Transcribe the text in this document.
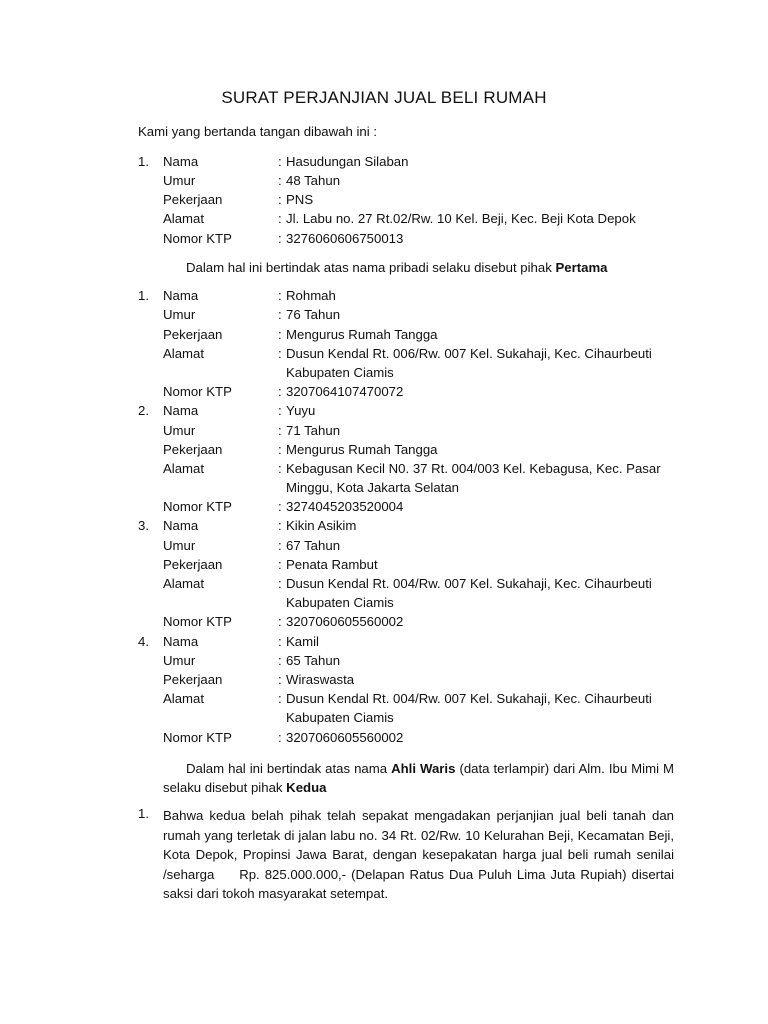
SURAT PERJANJIAN JUAL BELI RUMAH
Kami yang bertanda tangan dibawah ini :
1. Nama	: Hasudungan Silaban
Umur	: 48 Tahun
Pekerjaan	: PNS
Alamat	: Jl. Labu no. 27 Rt.02/Rw. 10 Kel. Beji, Kec. Beji Kota Depok
Nomor KTP	: 3276060606750013
Dalam hal ini bertindak atas nama pribadi selaku disebut pihak Pertama
1. Nama	: Rohmah
Umur	: 76 Tahun
Pekerjaan	: Mengurus Rumah Tangga
Alamat	: Dusun Kendal Rt. 006/Rw. 007 Kel. Sukahaji, Kec. Cihaurbeuti
Kabupaten Ciamis
Nomor KTP	: 3207064107470072
2. Nama	: Yuyu
Umur	: 71 Tahun
Pekerjaan	: Mengurus Rumah Tangga
Alamat	: Kebagusan Kecil N0. 37 Rt. 004/003 Kel. Kebagusa, Kec. Pasar
Minggu, Kota Jakarta Selatan
Nomor KTP	: 3274045203520004
3. Nama	: Kikin Asikim
Umur	: 67 Tahun
Pekerjaan	: Penata Rambut
Alamat	: Dusun Kendal Rt. 004/Rw. 007 Kel. Sukahaji, Kec. Cihaurbeuti
Kabupaten Ciamis
Nomor KTP	: 3207060605560002
4. Nama	: Kamil
Umur	: 65 Tahun
Pekerjaan	: Wiraswasta
Alamat	: Dusun Kendal Rt. 004/Rw. 007 Kel. Sukahaji, Kec. Cihaurbeuti
Kabupaten Ciamis
Nomor KTP	: 3207060605560002
Dalam hal ini bertindak atas nama Ahli Waris (data terlampir) dari Alm. Ibu Mimi M selaku disebut pihak Kedua
1. Bahwa kedua belah pihak telah sepakat mengadakan perjanjian jual beli tanah dan rumah yang terletak di jalan labu no. 34 Rt. 02/Rw. 10 Kelurahan Beji, Kecamatan Beji, Kota Depok, Propinsi Jawa Barat, dengan kesepakatan harga jual beli rumah senilai /seharga     Rp. 825.000.000,- (Delapan Ratus Dua Puluh Lima Juta Rupiah) disertai saksi dari tokoh masyarakat setempat.
